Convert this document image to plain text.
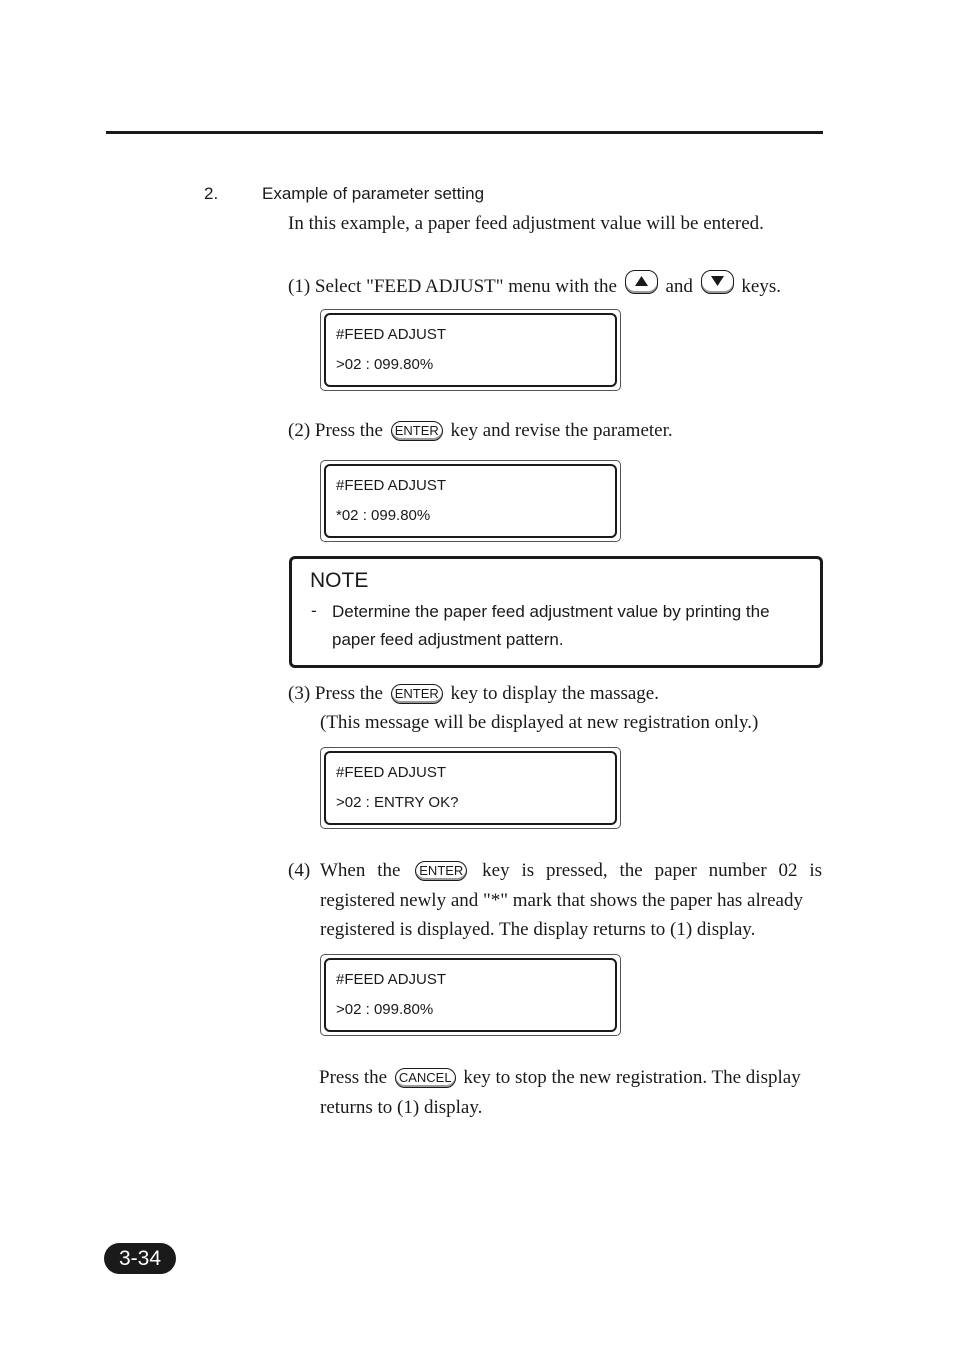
2.	Example of parameter setting
In this example, a paper feed adjustment value will be entered.
(1) Select "FEED ADJUST" menu with the	and	keys.
#FEED ADJUST
>02 : 099.80%
(2) Press the ENTER key and revise the parameter.
#FEED ADJUST
*02 : 099.80%
NOTE
- Determine the paper feed adjustment value by printing the paper feed adjustment pattern.
(3) Press the ENTER key to display the massage.
(This message will be displayed at new registration only.)
#FEED ADJUST
>02 : ENTRY OK?
(4) When the ENTER key is pressed, the paper number 02 is
registered newly and "*" mark that shows the paper has already
registered is displayed. The display returns to (1) display.
#FEED ADJUST
>02 : 099.80%
Press the CANCEL key to stop the new registration. The display
returns to (1) display.
3-34
